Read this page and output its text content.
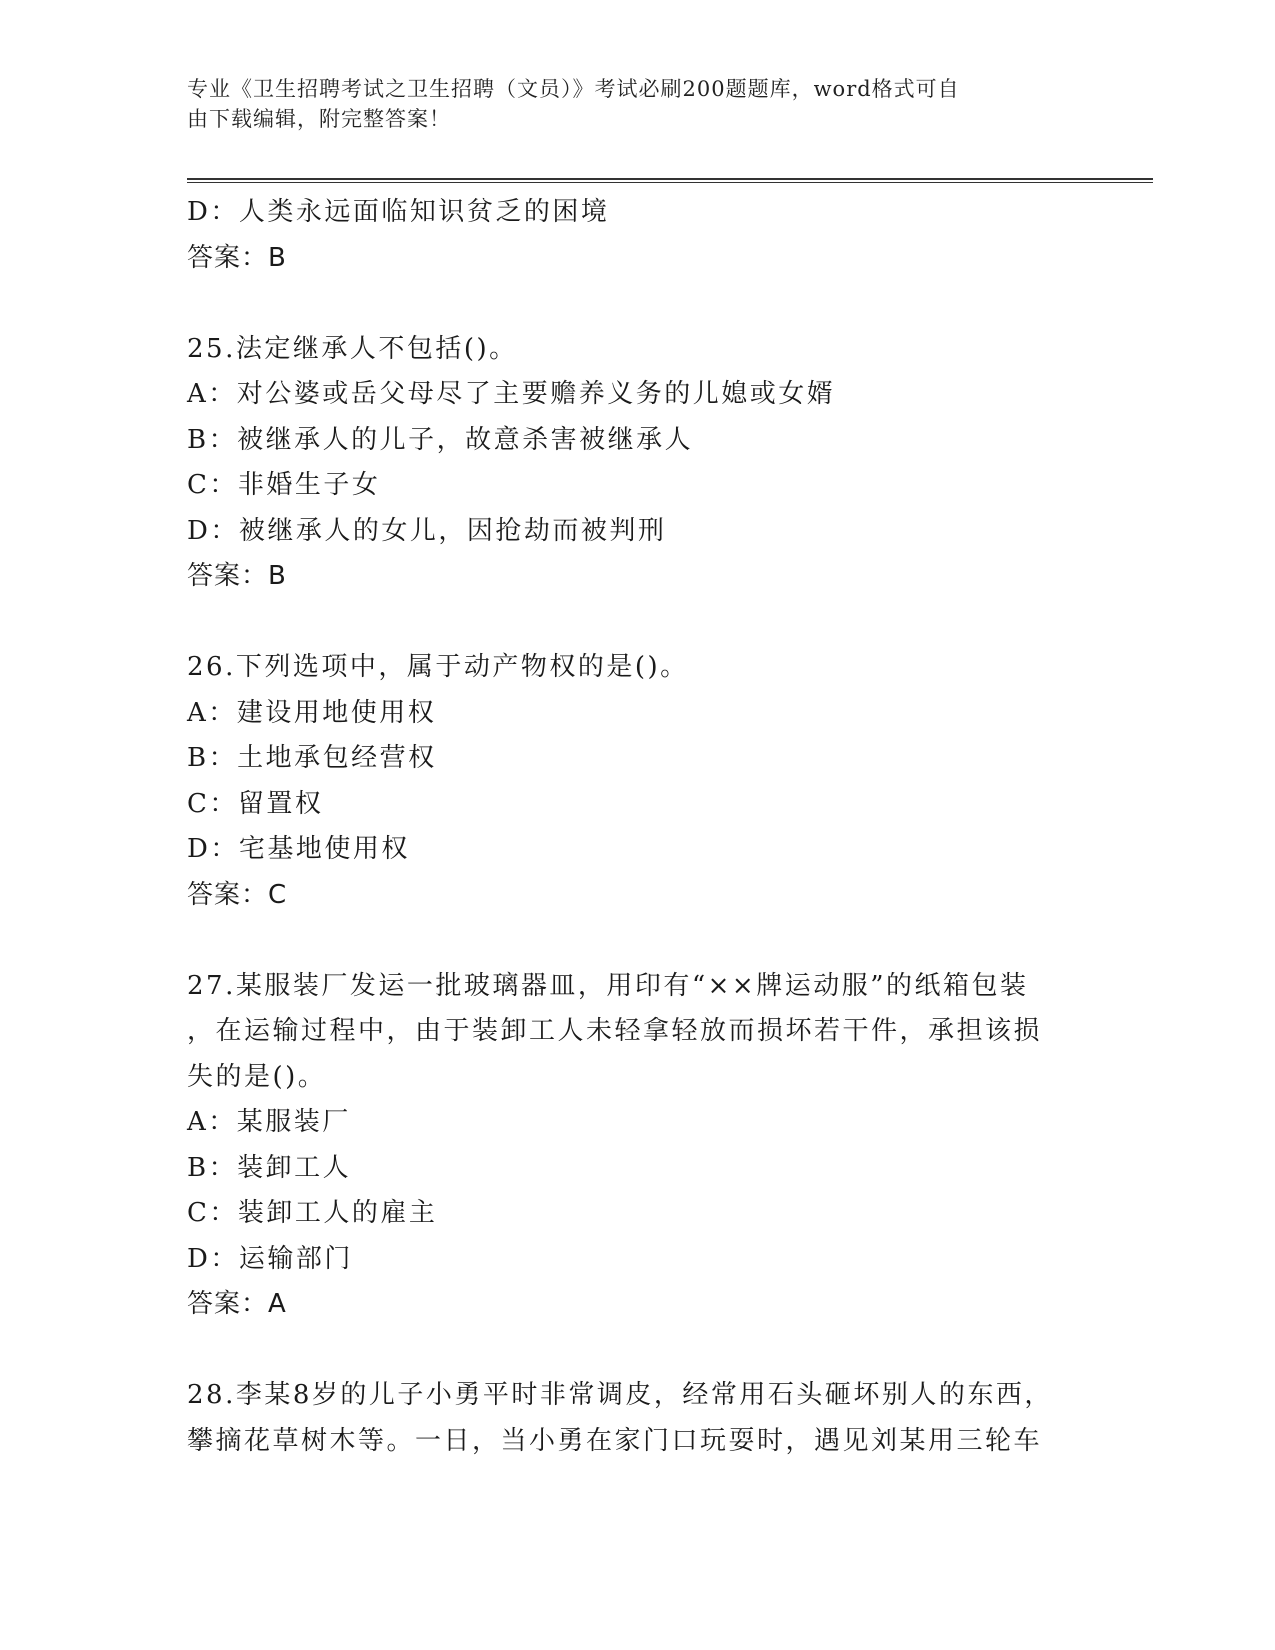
专业《卫生招聘考试之卫生招聘（文员）》考试必刷200题题库，word格式可自
由下载编辑，附完整答案！
D：人类永远面临知识贫乏的困境
答案：B
25.法定继承人不包括()。
A：对公婆或岳父母尽了主要赡养义务的儿媳或女婿
B：被继承人的儿子，故意杀害被继承人
C：非婚生子女
D：被继承人的女儿，因抢劫而被判刑
答案：B
26.下列选项中，属于动产物权的是()。
A：建设用地使用权
B：土地承包经营权
C：留置权
D：宅基地使用权
答案：C
27.某服装厂发运一批玻璃器皿，用印有“××牌运动服”的纸箱包装
，在运输过程中，由于装卸工人未轻拿轻放而损坏若干件，承担该损
失的是()。
A：某服装厂
B：装卸工人
C：装卸工人的雇主
D：运输部门
答案：A
28.李某8岁的儿子小勇平时非常调皮，经常用石头砸坏别人的东西，
攀摘花草树木等。一日，当小勇在家门口玩耍时，遇见刘某用三轮车
